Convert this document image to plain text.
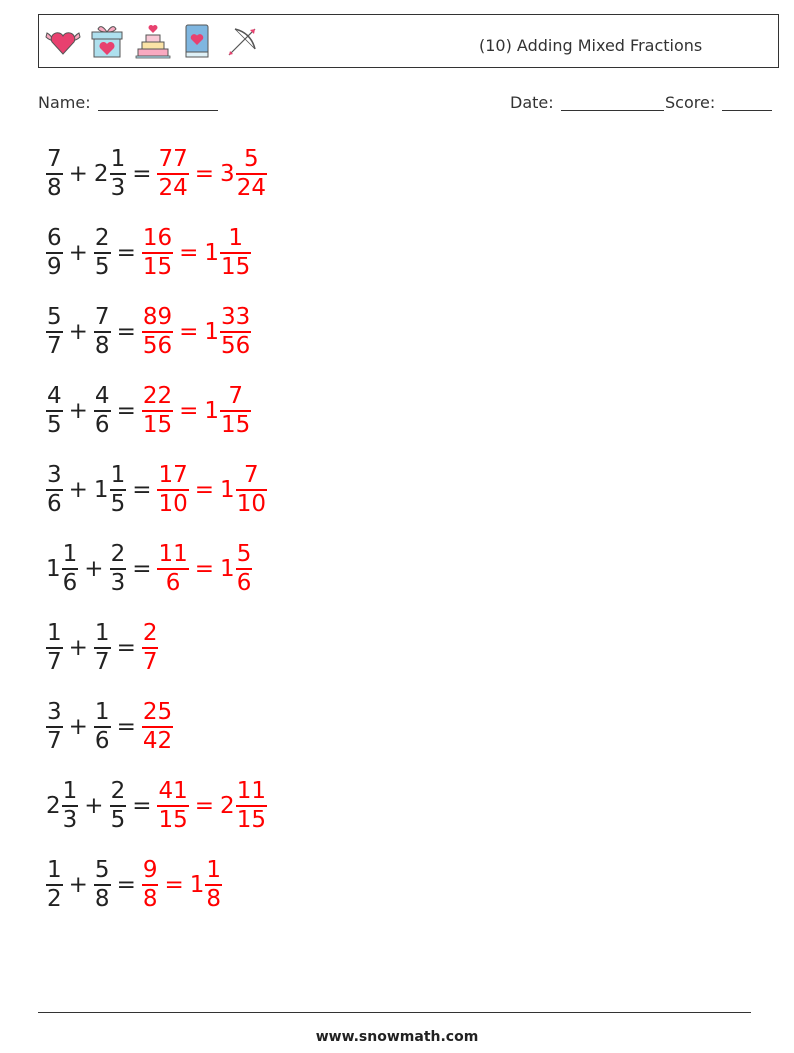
(10) Adding Mixed Fractions
Name:	Date:	Score:
$\frac{7}{8} + 2 \frac{1}{3} = \frac{77}{24} = 3 \frac{5}{24}$
$\frac{6}{9} + \frac{2}{5} = \frac{16}{15} = 1 \frac{1}{15}$
$\frac{5}{7} + \frac{7}{8} = \frac{89}{56} = 1 \frac{33}{56}$
$\frac{4}{5} + \frac{4}{6} = \frac{22}{15} = 1 \frac{7}{15}$
$\frac{3}{6} + 1 \frac{1}{5} = \frac{17}{10} = 1 \frac{7}{10}$
$1 \frac{1}{6} + \frac{2}{3} = \frac{11}{6} = 1 \frac{5}{6}$
$\frac{1}{7} + \frac{1}{7} = \frac{2}{7}$
$\frac{3}{7} + \frac{1}{6} = \frac{25}{42}$
$2 \frac{1}{3} + \frac{2}{5} = \frac{41}{15} = 2 \frac{11}{15}$
$\frac{1}{2} + \frac{5}{8} = \frac{9}{8} = 1 \frac{1}{8}$
www.snowmath.com
